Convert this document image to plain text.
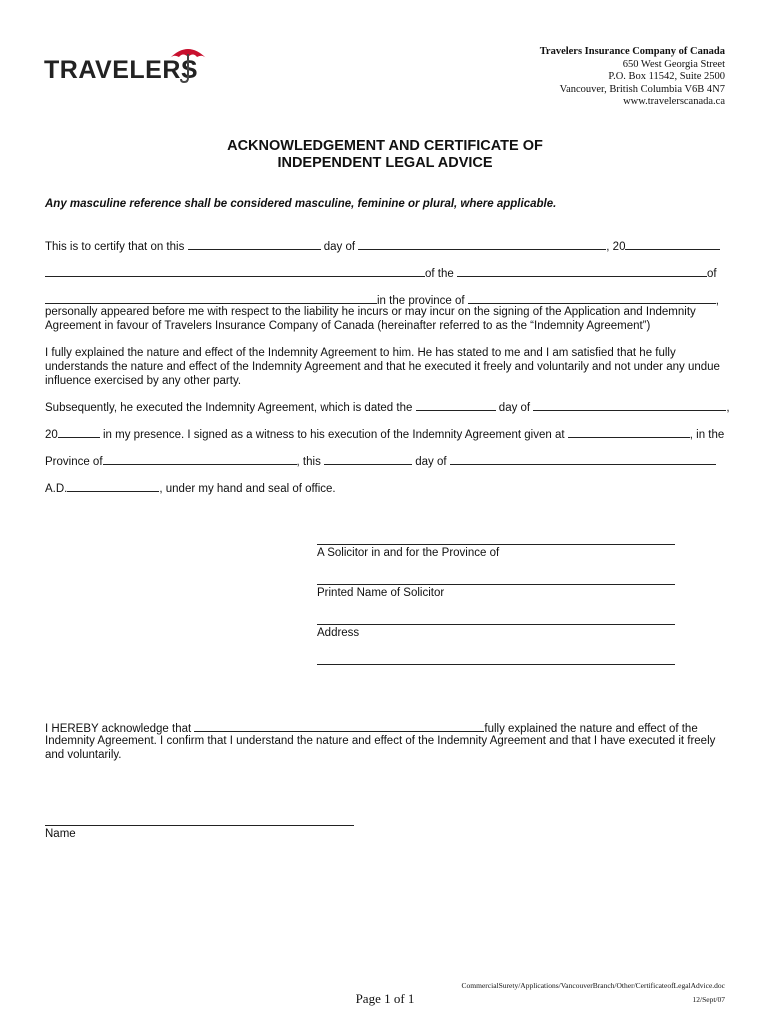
TRAVELERS
Travelers Insurance Company of Canada
650 West Georgia Street
P.O. Box 11542, Suite 2500
Vancouver, British Columbia V6B 4N7
www.travelerscanada.ca
ACKNOWLEDGEMENT AND CERTIFICATE OF
INDEPENDENT LEGAL ADVICE
Any masculine reference shall be considered masculine, feminine or plural, where applicable.
This is to certify that on this	day of	, 20
of the	of
in the province of	,
personally appeared before me with respect to the liability he incurs or may incur on the signing of the Application and Indemnity Agreement in favour of Travelers Insurance Company of Canada (hereinafter referred to as the “Indemnity Agreement”)
I fully explained the nature and effect of the Indemnity Agreement to him. He has stated to me and I am satisfied that he fully understands the nature and effect of the Indemnity Agreement and that he executed it freely and voluntarily and not under any undue influence exercised by any other party.
Subsequently, he executed the Indemnity Agreement, which is dated the	day of	,
20	in my presence. I signed as a witness to his execution of the Indemnity Agreement given at	, in the
Province of	, this	day of
A.D.	, under my hand and seal of office.
A Solicitor in and for the Province of
Printed Name of Solicitor
Address
I HEREBY acknowledge that	fully explained the nature and effect of the
Indemnity Agreement. I confirm that I understand the nature and effect of the Indemnity Agreement and that I have executed it freely and voluntarily.
Name
CommercialSurety/Applications/VancouverBranch/Other/CertificateofLegalAdvice.doc
Page 1 of 1	12/Sept/07
